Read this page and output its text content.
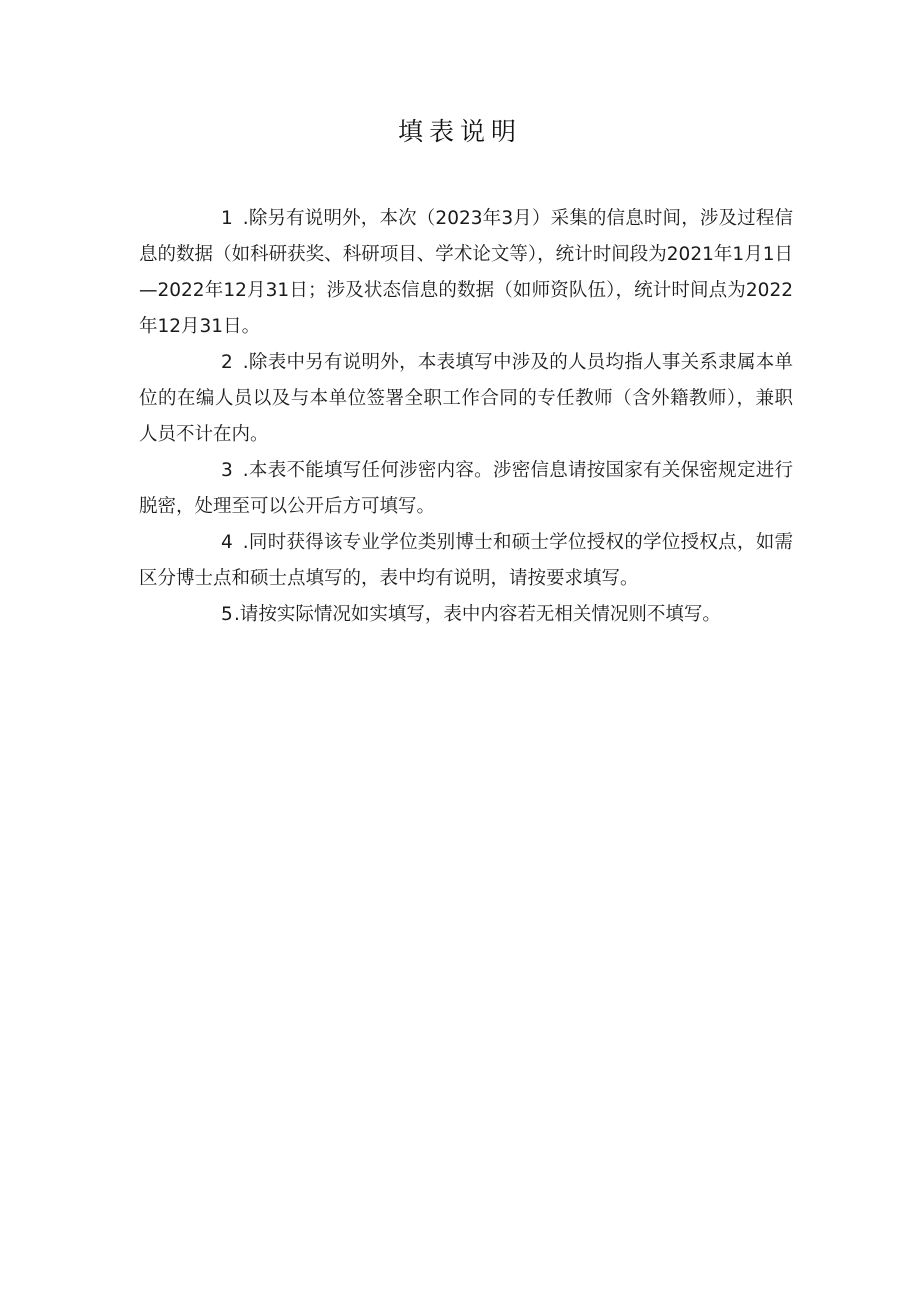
填表说明

1 .除另有说明外，本次（2023年3月）采集的信息时间，涉及过程信息的数据（如科研获奖、科研项目、学术论文等），统计时间段为2021年1月1日—2022年12月31日；涉及状态信息的数据（如师资队伍），统计时间点为2022年12月31日。

2 .除表中另有说明外，本表填写中涉及的人员均指人事关系隶属本单位的在编人员以及与本单位签署全职工作合同的专任教师（含外籍教师），兼职人员不计在内。

3 .本表不能填写任何涉密内容。涉密信息请按国家有关保密规定进行脱密，处理至可以公开后方可填写。

4 .同时获得该专业学位类别博士和硕士学位授权的学位授权点，如需区分博士点和硕士点填写的，表中均有说明，请按要求填写。

5.请按实际情况如实填写，表中内容若无相关情况则不填写。
